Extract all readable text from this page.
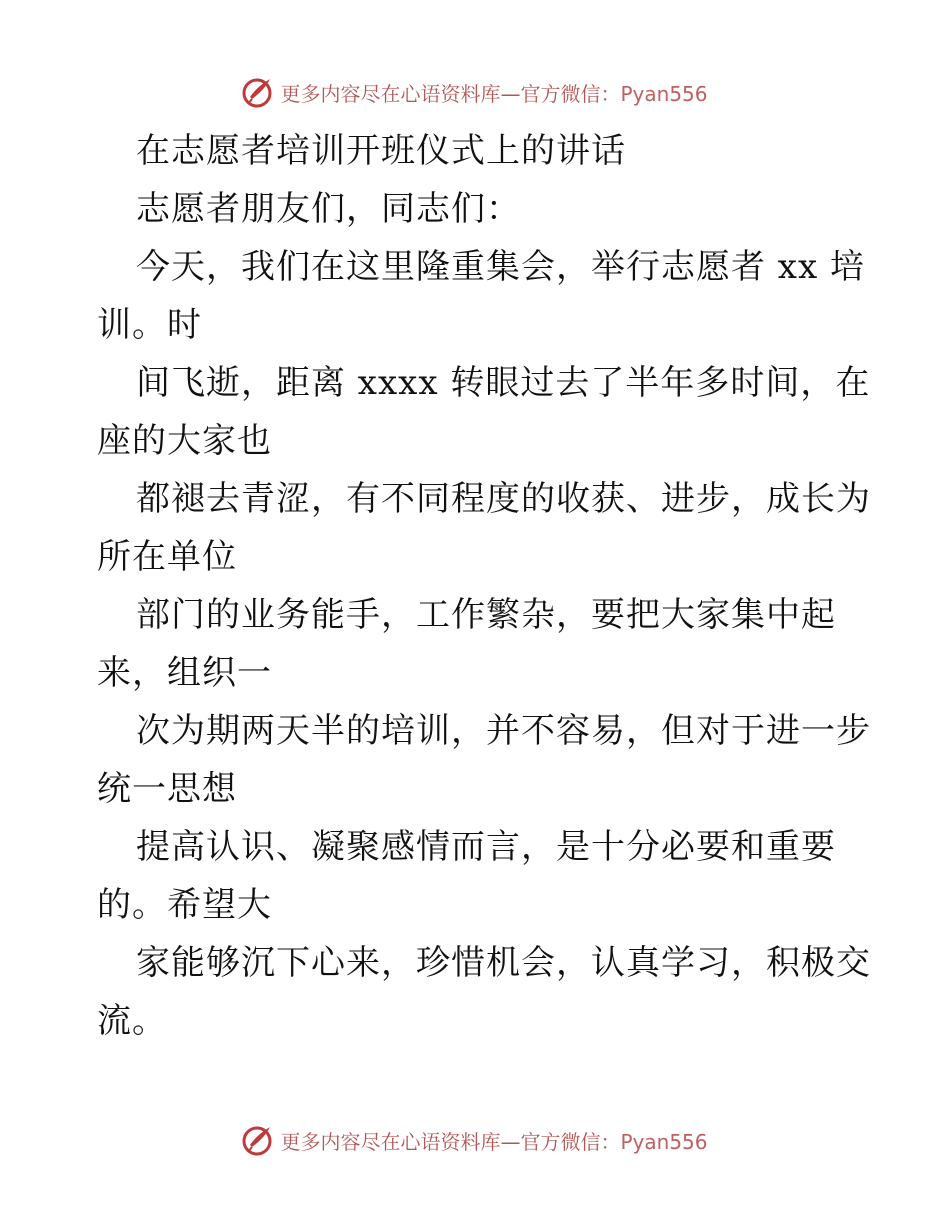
更多内容尽在心语资料库—官方微信：Pyan556
在志愿者培训开班仪式上的讲话
志愿者朋友们，同志们：
今天，我们在这里隆重集会，举行志愿者 xx 培
训。时
间飞逝，距离 xxxx 转眼过去了半年多时间，在
座的大家也
都褪去青涩，有不同程度的收获、进步，成长为
所在单位
部门的业务能手，工作繁杂，要把大家集中起
来，组织一
次为期两天半的培训，并不容易，但对于进一步
统一思想
提高认识、凝聚感情而言，是十分必要和重要
的。希望大
家能够沉下心来，珍惜机会，认真学习，积极交
流。
更多内容尽在心语资料库—官方微信：Pyan556
